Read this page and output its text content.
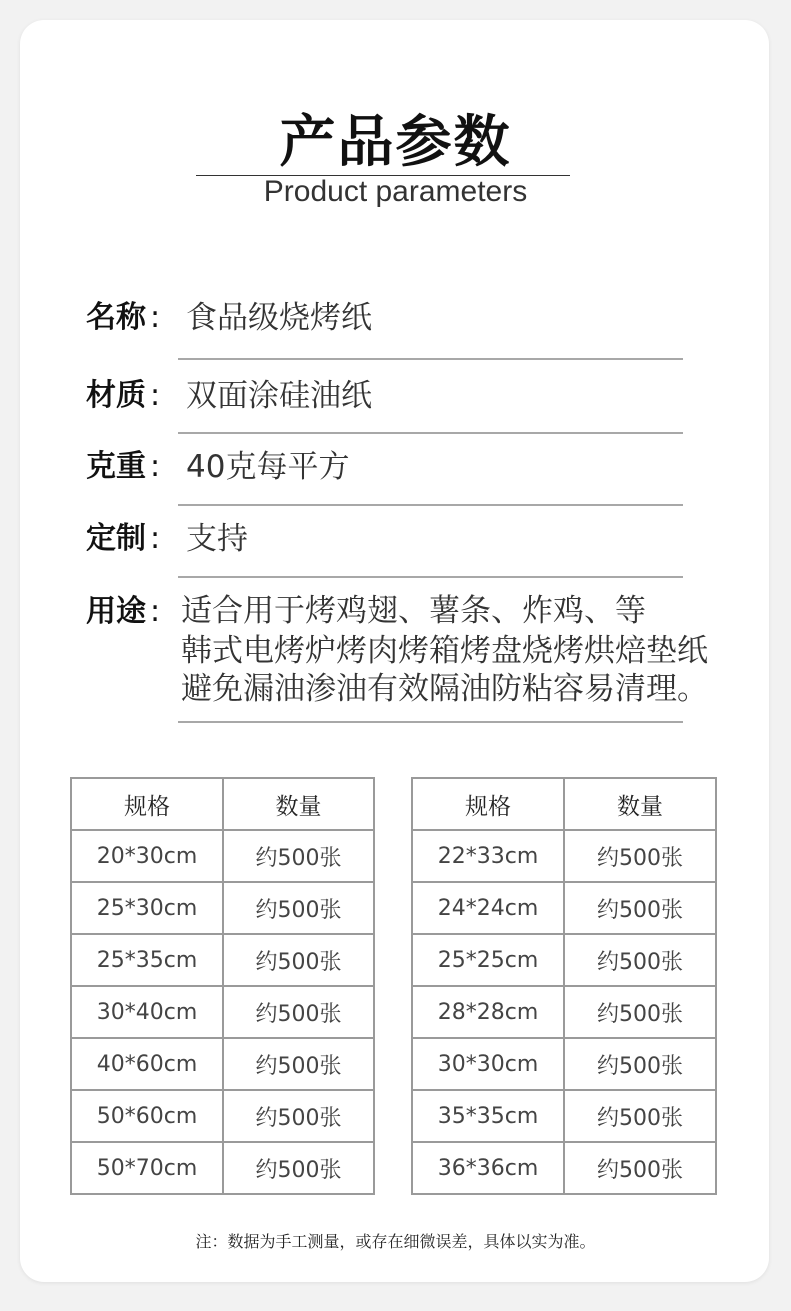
产品参数
Product parameters
名称 : 食品级烧烤纸
材质 : 双面涂硅油纸
克重 : 40克每平方
定制 : 支持
用途 : 适合用于烤鸡翅、薯条、炸鸡、等
韩式电烤炉烤肉烤箱烤盘烧烤烘焙垫纸
避免漏油渗油有效隔油防粘容易清理。
规格	数量
20*30cm	约500张
25*30cm	约500张
25*35cm	约500张
30*40cm	约500张
40*60cm	约500张
50*60cm	约500张
50*70cm	约500张
规格	数量
22*33cm	约500张
24*24cm	约500张
25*25cm	约500张
28*28cm	约500张
30*30cm	约500张
35*35cm	约500张
36*36cm	约500张
注：数据为手工测量，或存在细微误差，具体以实为准。
